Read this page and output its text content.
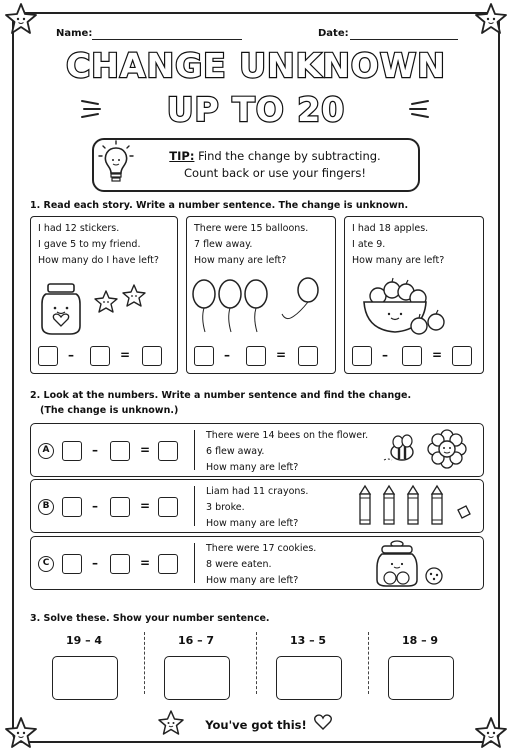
Name:	Date:
CHANGE UNKNOWN
UP TO 20
TIP: Find the change by subtracting.
Count back or use your fingers!
1. Read each story. Write a number sentence. The change is unknown.
I had 12 stickers.
I gave 5 to my friend.
How many do I have left?
–	=
There were 15 balloons.
7 flew away.
How many are left?
–	=
I had 18 apples.
I ate 9.
How many are left?
–	=
2. Look at the numbers. Write a number sentence and find the change.
(The change is unknown.)
A	–	=
There were 14 bees on the flower.
6 flew away.
How many are left?
B	–	=
Liam had 11 crayons.
3 broke.
How many are left?
C	–	=
There were 17 cookies.
8 were eaten.
How many are left?
3. Solve these. Show your number sentence.
19 – 4	16 – 7	13 – 5	18 – 9
You've got this!
